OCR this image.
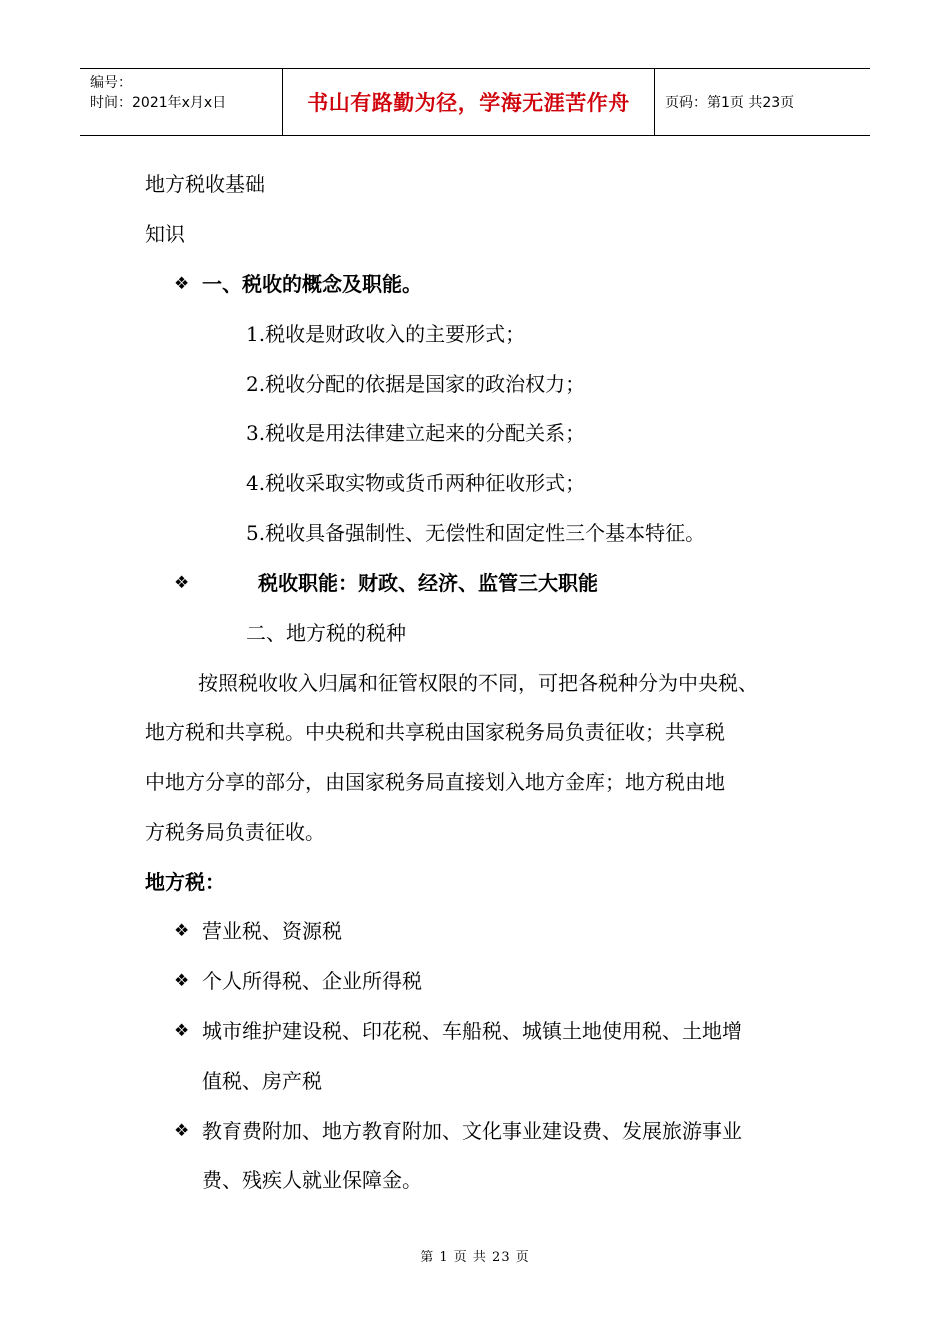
编号：
时间：2021年x月x日	书山有路勤为径，学海无涯苦作舟	页码：第1页 共23页
地方税收基础
知识
❖ 一、税收的概念及职能。
1.税收是财政收入的主要形式；
2.税收分配的依据是国家的政治权力；
3.税收是用法律建立起来的分配关系；
4.税收采取实物或货币两种征收形式；
5.税收具备强制性、无偿性和固定性三个基本特征。
❖	税收职能：财政、经济、监管三大职能
二、地方税的税种
按照税收收入归属和征管权限的不同，可把各税种分为中央税、
地方税和共享税。中央税和共享税由国家税务局负责征收；共享税
中地方分享的部分，由国家税务局直接划入地方金库；地方税由地
方税务局负责征收。
地方税：
❖ 营业税、资源税
❖ 个人所得税、企业所得税
❖ 城市维护建设税、印花税、车船税、城镇土地使用税、土地增
值税、房产税
❖ 教育费附加、地方教育附加、文化事业建设费、发展旅游事业
费、残疾人就业保障金。
第 1 页 共 23 页
